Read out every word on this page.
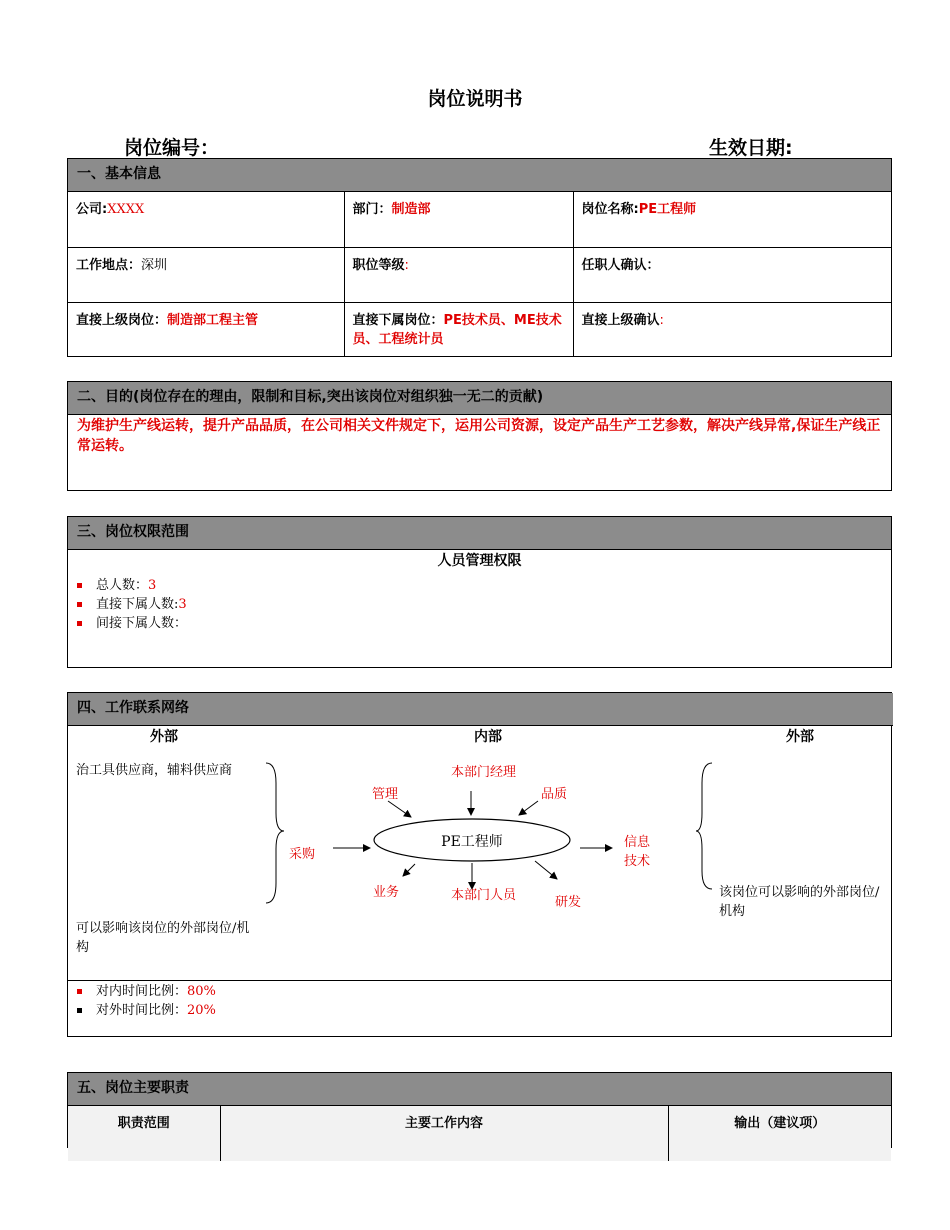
岗位说明书
岗位编号：	生效日期:
一、基本信息
公司:XXXX	部门：制造部	岗位名称:PE工程师
工作地点：深圳	职位等级:	任职人确认：
直接上级岗位：制造部工程主管	直接下属岗位：PE技术员、ME技术员、工程统计员	直接上级确认:
二、目的(岗位存在的理由，限制和目标,突出该岗位对组织独一无二的贡献)
为维护生产线运转，提升产品品质，在公司相关文件规定下，运用公司资源，设定产品生产工艺参数，解决产线异常,保证生产线正常运转。
三、岗位权限范围
人员管理权限
总人数：3
直接下属人数:3
间接下属人数：
四、工作联系网络
外部	内部	外部
治工具供应商，辅料供应商
可以影响该岗位的外部岗位/机构
该岗位可以影响的外部岗位/机构
PE工程师
本部门经理
管理	品质
采购
信息
技术
业务	本部门人员	研发
对内时间比例：80%
对外时间比例：20%
五、岗位主要职责
职责范围	主要工作内容	输出（建议项）
